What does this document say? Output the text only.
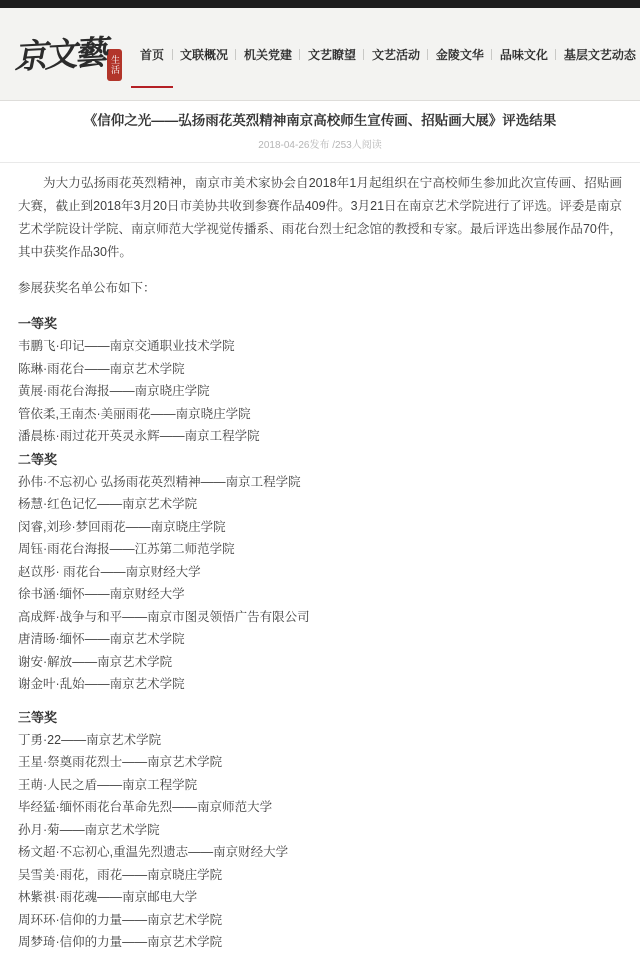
京文藝 生活
首页 文联概况 机关党建 文艺瞭望 文艺活动 金陵文华 品味文化 基层文艺动态
《信仰之光——弘扬雨花英烈精神南京高校师生宣传画、招贴画大展》评选结果
2018-04-26发布 /253人阅读

为大力弘扬雨花英烈精神，南京市美术家协会自2018年1月起组织在宁高校师生参加此次宣传画、招贴画大赛，截止到2018年3月20日市美协共收到参赛作品409件。3月21日在南京艺术学院进行了评选。评委是南京艺术学院设计学院、南京师范大学视觉传播系、雨花台烈士纪念馆的教授和专家。最后评选出参展作品70件，其中获奖作品30件。

参展获奖名单公布如下：

一等奖

韦鹏飞·印记——南京交通职业技术学院

陈琳·雨花台——南京艺术学院

黄展·雨花台海报——南京晓庄学院

管依柔,王南杰·美丽雨花——南京晓庄学院

潘晨栋·雨过花开英灵永辉——南京工程学院

二等奖

孙伟·不忘初心 弘扬雨花英烈精神——南京工程学院

杨慧·红色记忆——南京艺术学院

闵睿,刘珍·梦回雨花——南京晓庄学院

周钰·雨花台海报——江苏第二师范学院

赵苡彤· 雨花台——南京财经大学

徐书涵·缅怀——南京财经大学

高成辉·战争与和平——南京市图灵领悟广告有限公司

唐清旸·缅怀——南京艺术学院

谢安·解放——南京艺术学院

谢金叶·乱始——南京艺术学院

三等奖

丁勇·22——南京艺术学院

王星·祭奠雨花烈士——南京艺术学院

王萌·人民之盾——南京工程学院

毕经猛·缅怀雨花台革命先烈——南京师范大学

孙月·菊——南京艺术学院

杨文超·不忘初心,重温先烈遗志——南京财经大学

吴雪美·雨花，雨花——南京晓庄学院

林紫祺·雨花魂——南京邮电大学

周环环·信仰的力量——南京艺术学院

周梦琦·信仰的力量——南京艺术学院
